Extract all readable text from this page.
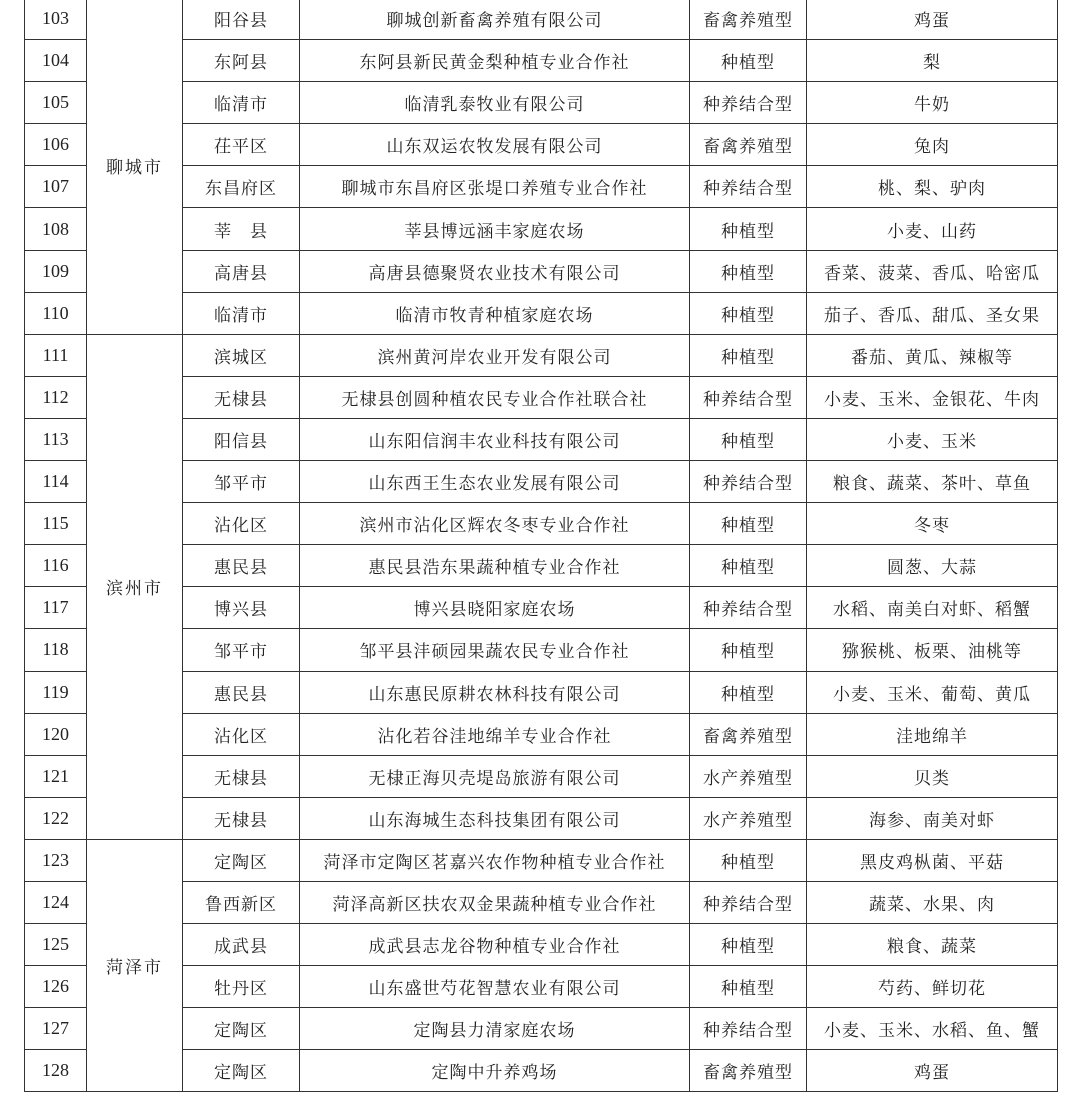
103	聊城市	阳谷县	聊城创新畜禽养殖有限公司	畜禽养殖型	鸡蛋
104		东阿县	东阿县新民黄金梨种植专业合作社	种植型	梨
105		临清市	临清乳泰牧业有限公司	种养结合型	牛奶
106		茌平区	山东双运农牧发展有限公司	畜禽养殖型	兔肉
107		东昌府区	聊城市东昌府区张堤口养殖专业合作社	种养结合型	桃、梨、驴肉
108		莘　县	莘县博远涵丰家庭农场	种植型	小麦、山药
109		高唐县	高唐县德聚贤农业技术有限公司	种植型	香菜、菠菜、香瓜、哈密瓜
110		临清市	临清市牧青种植家庭农场	种植型	茄子、香瓜、甜瓜、圣女果
111	滨州市	滨城区	滨州黄河岸农业开发有限公司	种植型	番茄、黄瓜、辣椒等
112		无棣县	无棣县创圆种植农民专业合作社联合社	种养结合型	小麦、玉米、金银花、牛肉
113		阳信县	山东阳信润丰农业科技有限公司	种植型	小麦、玉米
114		邹平市	山东西王生态农业发展有限公司	种养结合型	粮食、蔬菜、茶叶、草鱼
115		沾化区	滨州市沾化区辉农冬枣专业合作社	种植型	冬枣
116		惠民县	惠民县浩东果蔬种植专业合作社	种植型	圆葱、大蒜
117		博兴县	博兴县晓阳家庭农场	种养结合型	水稻、南美白对虾、稻蟹
118		邹平市	邹平县沣硕园果蔬农民专业合作社	种植型	猕猴桃、板栗、油桃等
119		惠民县	山东惠民原耕农林科技有限公司	种植型	小麦、玉米、葡萄、黄瓜
120		沾化区	沾化若谷洼地绵羊专业合作社	畜禽养殖型	洼地绵羊
121		无棣县	无棣正海贝壳堤岛旅游有限公司	水产养殖型	贝类
122		无棣县	山东海城生态科技集团有限公司	水产养殖型	海参、南美对虾
123	菏泽市	定陶区	菏泽市定陶区茗嘉兴农作物种植专业合作社	种植型	黑皮鸡枞菌、平菇
124		鲁西新区	菏泽高新区扶农双金果蔬种植专业合作社	种养结合型	蔬菜、水果、肉
125		成武县	成武县志龙谷物种植专业合作社	种植型	粮食、蔬菜
126		牡丹区	山东盛世芍花智慧农业有限公司	种植型	芍药、鲜切花
127		定陶区	定陶县力清家庭农场	种养结合型	小麦、玉米、水稻、鱼、蟹
128		定陶区	定陶中升养鸡场	畜禽养殖型	鸡蛋
